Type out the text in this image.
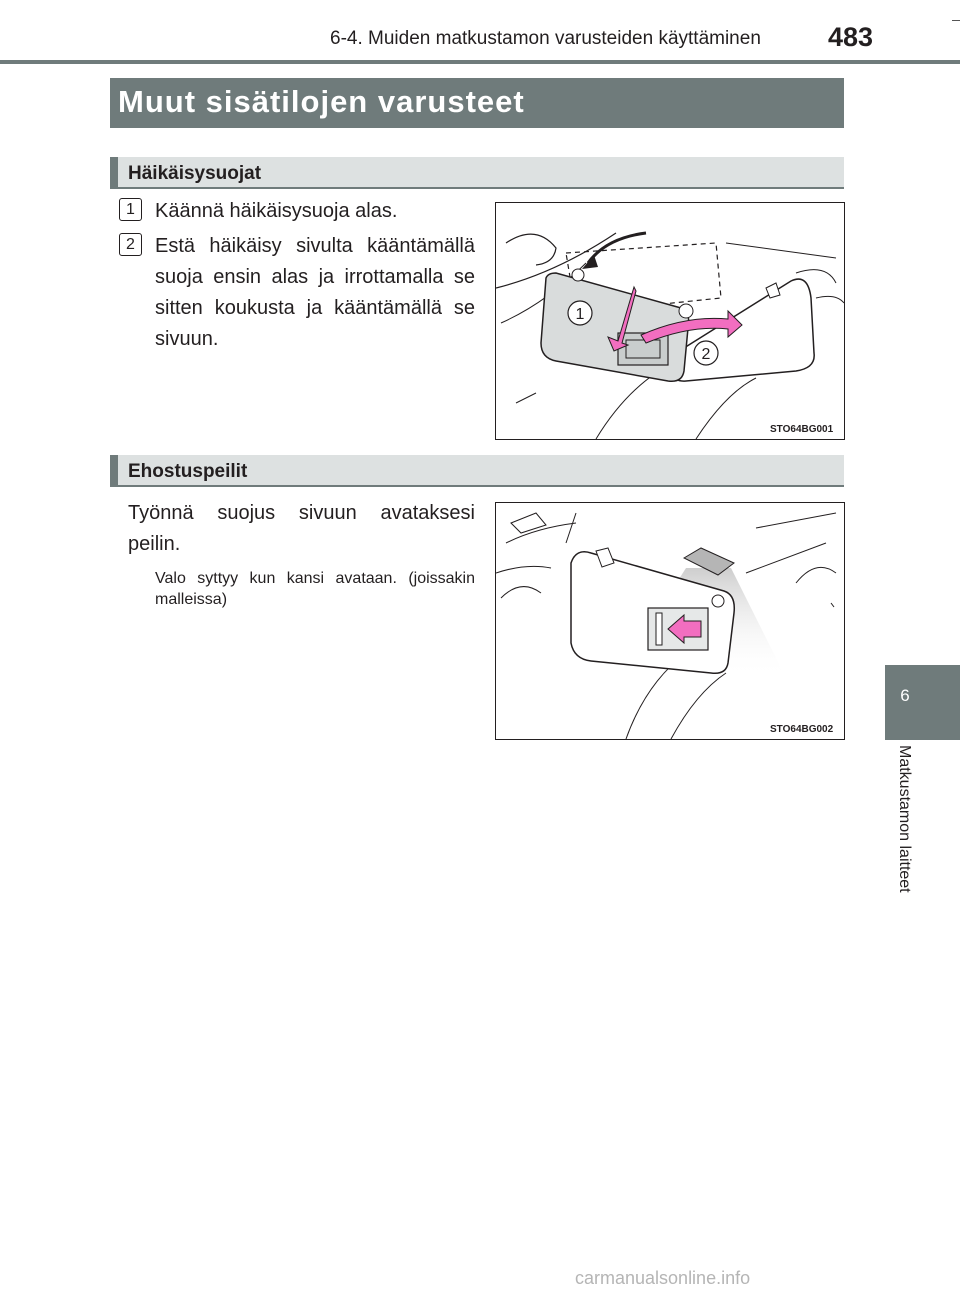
6-4. Muiden matkustamon varusteiden käyttäminen 483
Muut sisätilojen varusteet
Häikäisysuojat
1	Käännä häikäisysuoja alas.
2	Estä häikäisy sivulta kääntämällä suoja ensin alas ja irrottamalla se sitten koukusta ja kääntämällä se sivuun.
1
2
STO64BG001
Ehostuspeilit
Työnnä suojus sivuun avataksesi peilin.
Valo syttyy kun kansi avataan. (joissakin malleissa)
STO64BG002
6
Matkustamon laitteet
carmanualsonline.info
